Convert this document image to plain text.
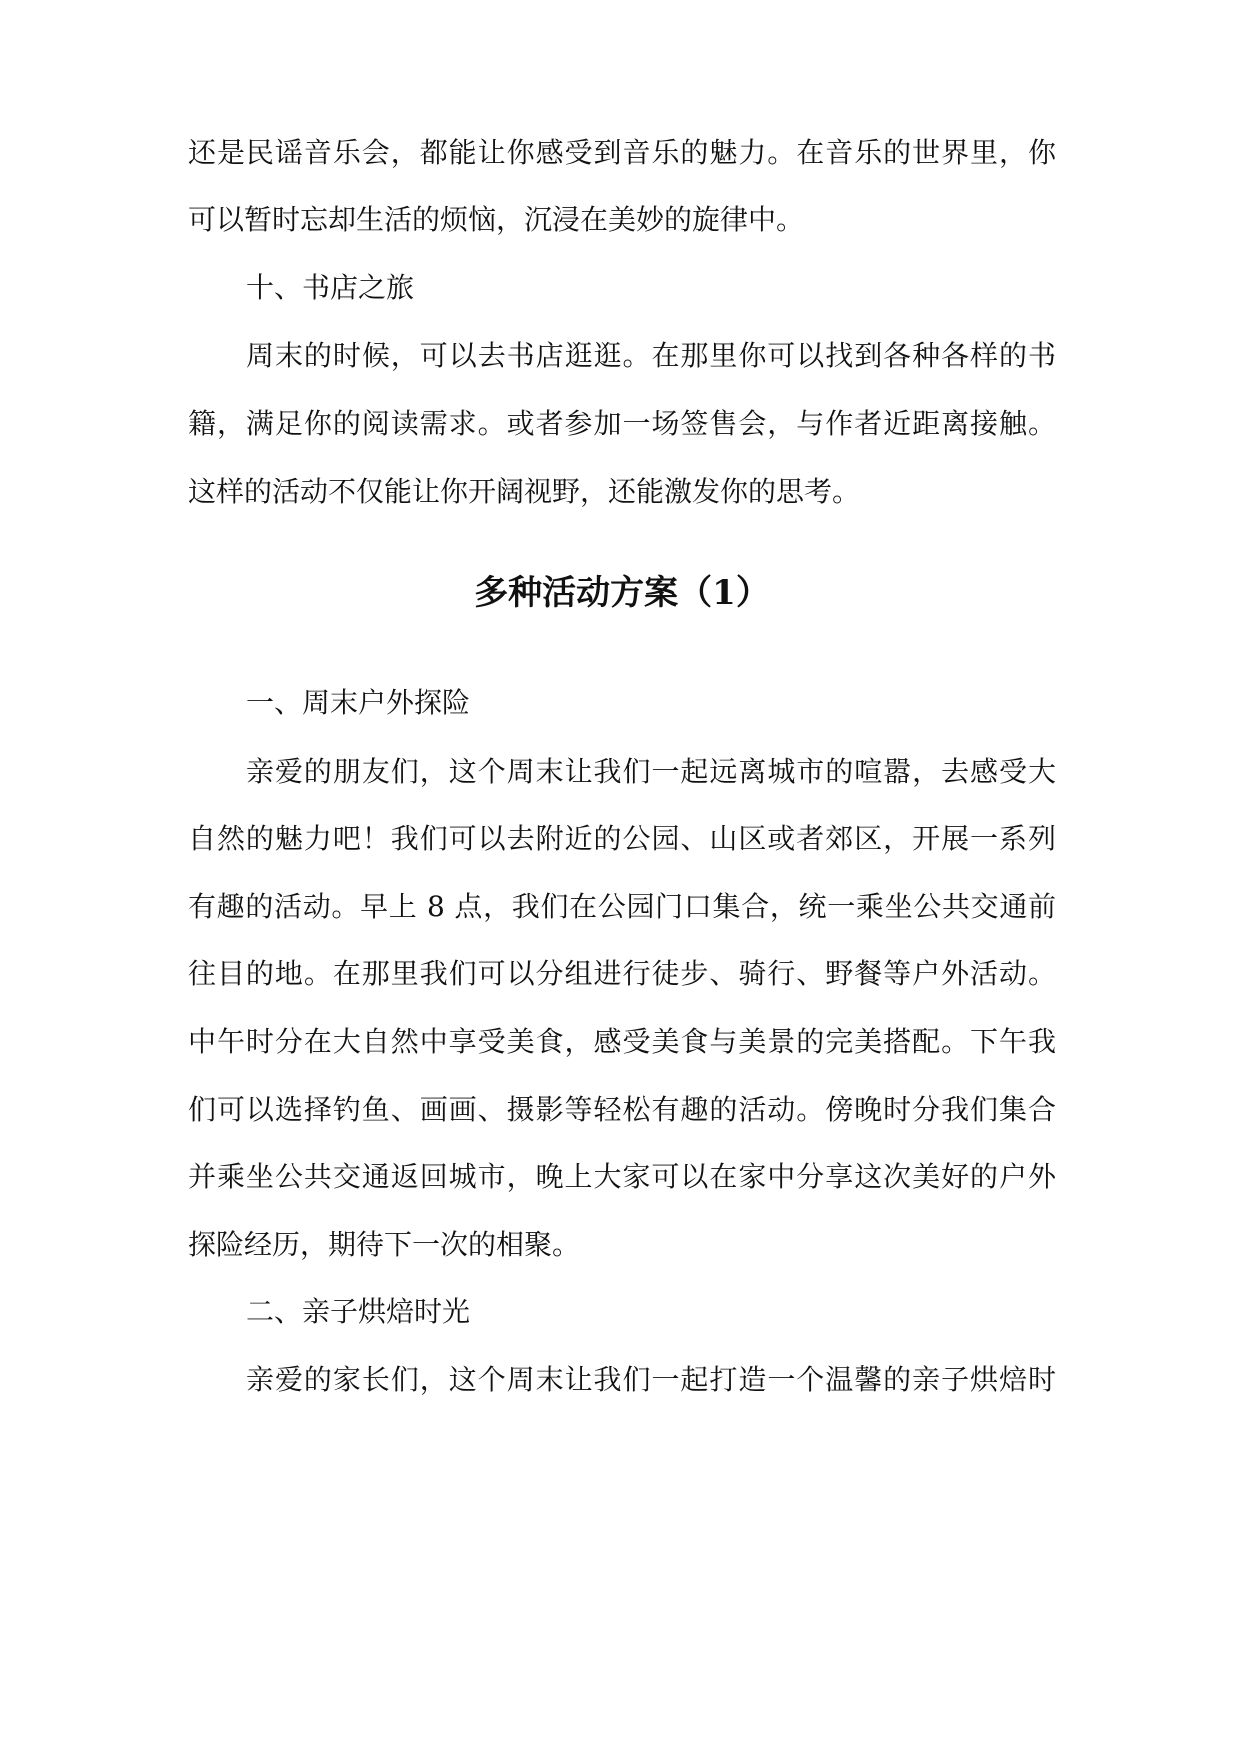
还是民谣音乐会，都能让你感受到音乐的魅力。在音乐的世界里，你
可以暂时忘却生活的烦恼，沉浸在美妙的旋律中。
十、书店之旅
周末的时候，可以去书店逛逛。在那里你可以找到各种各样的书
籍，满足你的阅读需求。或者参加一场签售会，与作者近距离接触。
这样的活动不仅能让你开阔视野，还能激发你的思考。
多种活动方案（1）
一、周末户外探险
亲爱的朋友们，这个周末让我们一起远离城市的喧嚣，去感受大
自然的魅力吧！我们可以去附近的公园、山区或者郊区，开展一系列
有趣的活动。早上 8 点，我们在公园门口集合，统一乘坐公共交通前
往目的地。在那里我们可以分组进行徒步、骑行、野餐等户外活动。
中午时分在大自然中享受美食，感受美食与美景的完美搭配。下午我
们可以选择钓鱼、画画、摄影等轻松有趣的活动。傍晚时分我们集合
并乘坐公共交通返回城市，晚上大家可以在家中分享这次美好的户外
探险经历，期待下一次的相聚。
二、亲子烘焙时光
亲爱的家长们，这个周末让我们一起打造一个温馨的亲子烘焙时
